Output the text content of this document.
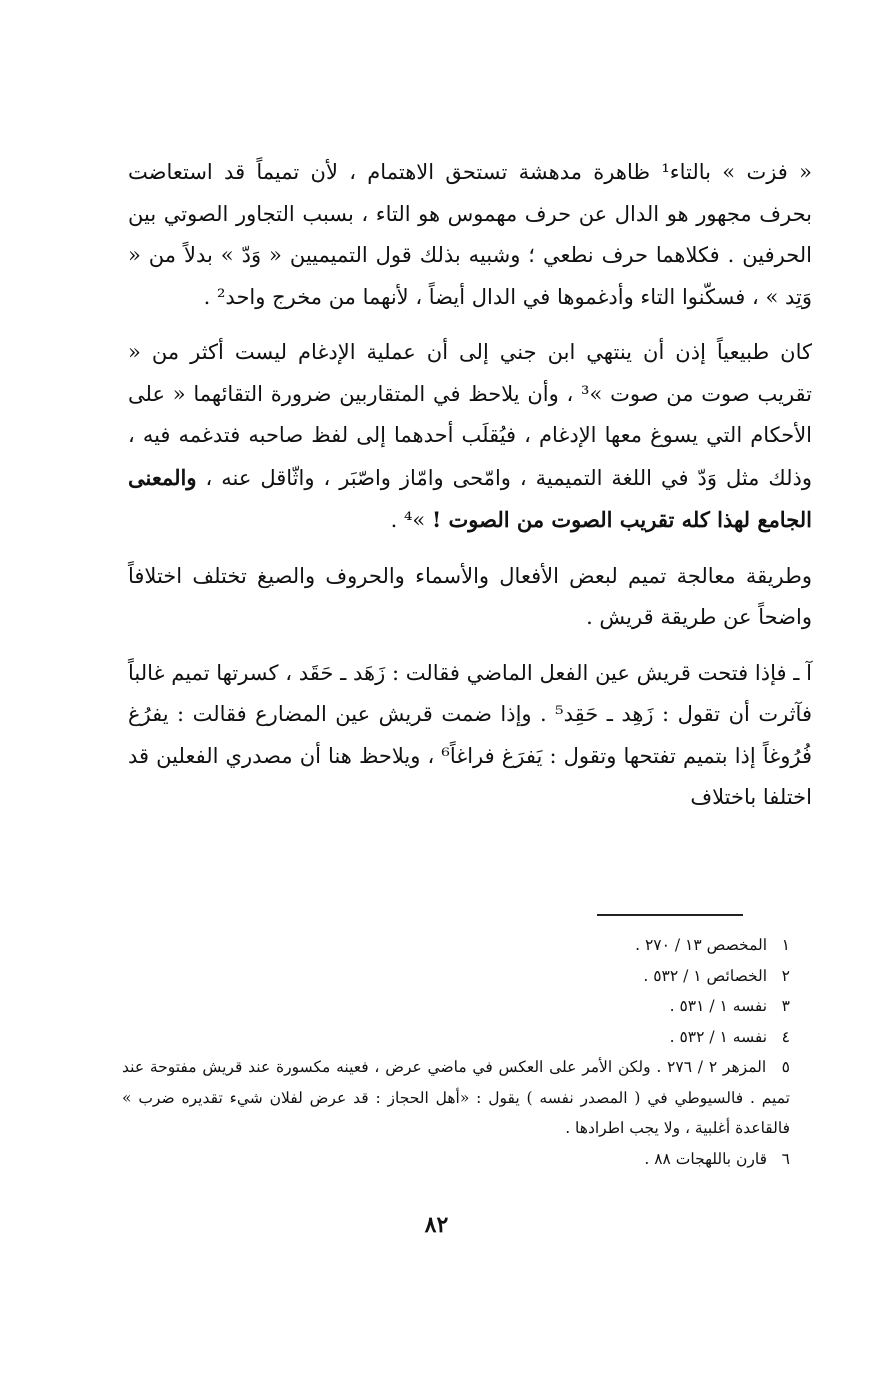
« فزت » بالتاء¹ ظاهرة مدهشة تستحق الاهتمام ، لأن تميماً قد استعاضت بحرف مجهور هو الدال عن حرف مهموس هو التاء ، بسبب التجاور الصوتي بين الحرفين . فكلاهما حرف نطعي ؛ وشبيه بذلك قول التميميين « وَدّ » بدلاً من « وَتِد » ، فسكّنوا التاء وأدغموها في الدال أيضاً ، لأنهما من مخرج واحد² .

كان طبيعياً إذن أن ينتهي ابن جني إلى أن عملية الإدغام ليست أكثر من « تقريب صوت من صوت »³ ، وأن يلاحظ في المتقاربين ضرورة التقائهما « على الأحكام التي يسوغ معها الإدغام ، فيُقلَب أحدهما إلى لفظ صاحبه فتدغمه فيه ، وذلك مثل وَدّ في اللغة التميمية ، وامّحى وامّاز واصّبَر ، واثّاقل عنه ، والمعنى الجامع لهذا كله تقريب الصوت من الصوت ! »⁴ .

وطريقة معالجة تميم لبعض الأفعال والأسماء والحروف والصيغ تختلف اختلافاً واضحاً عن طريقة قريش .

آ ـ فإذا فتحت قريش عين الفعل الماضي فقالت : زَهَد ـ حَقَد ، كسرتها تميم غالباً فآثرت أن تقول : زَهِد ـ حَقِد⁵ . وإذا ضمت قريش عين المضارع فقالت : يفرُغ فُرُوغاً إذا بتميم تفتحها وتقول : يَفرَغ فراغاً⁶ ، ويلاحظ هنا أن مصدري الفعلين قد اختلفا باختلاف

١ المخصص ١٣ / ٢٧٠ .

٢ الخصائص ١ / ٥٣٢ .

٣ نفسه ١ / ٥٣١ .

٤ نفسه ١ / ٥٣٢ .

٥ المزهر ٢ / ٢٧٦ . ولكن الأمر على العكس في ماضي عرض ، فعينه مكسورة عند قريش مفتوحة عند تميم . فالسيوطي في ( المصدر نفسه ) يقول : «أهل الحجاز : قد عرض لفلان شيء تقديره ضرب » فالقاعدة أغلبية ، ولا يجب اطرادها .

٦ قارن باللهجات ٨٨ .

٨٢
